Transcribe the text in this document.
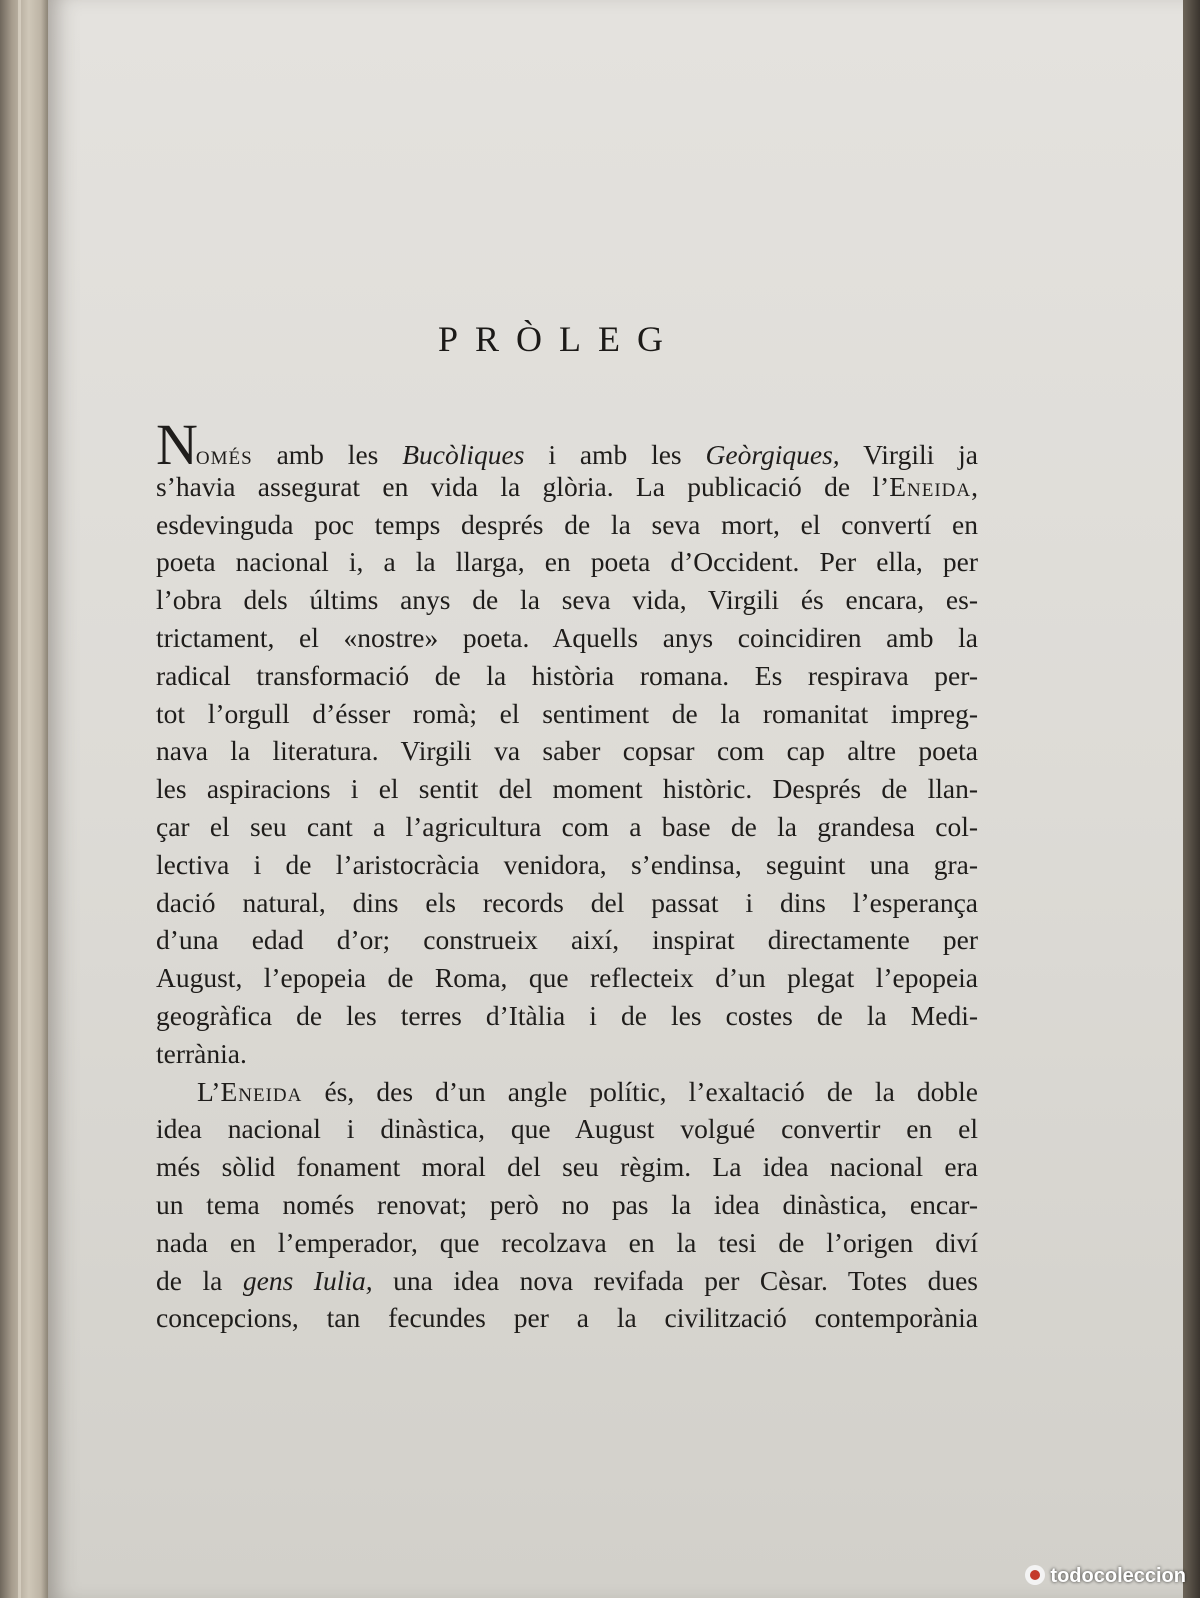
PRÒLEG
Només amb les Bucòliques i amb les Geòrgiques, Virgili ja
s’havia assegurat en vida la glòria. La publicació de l’Eneida,
esdevinguda poc temps després de la seva mort, el convertí en
poeta nacional i, a la llarga, en poeta d’Occident. Per ella, per
l’obra dels últims anys de la seva vida, Virgili és encara, es-
trictament, el «nostre» poeta. Aquells anys coincidiren amb la
radical transformació de la història romana. Es respirava per-
tot l’orgull d’ésser romà; el sentiment de la romanitat impreg-
nava la literatura. Virgili va saber copsar com cap altre poeta
les aspiracions i el sentit del moment històric. Després de llan-
çar el seu cant a l’agricultura com a base de la grandesa col-
lectiva i de l’aristocràcia venidora, s’endinsa, seguint una gra-
dació natural, dins els records del passat i dins l’esperança
d’una edad d’or; construeix així, inspirat directamente per
August, l’epopeia de Roma, que reflecteix d’un plegat l’epopeia
geogràfica de les terres d’Itàlia i de les costes de la Medi-
terrània.
L’Eneida és, des d’un angle polític, l’exaltació de la doble
idea nacional i dinàstica, que August volgué convertir en el
més sòlid fonament moral del seu règim. La idea nacional era
un tema només renovat; però no pas la idea dinàstica, encar-
nada en l’emperador, que recolzava en la tesi de l’origen diví
de la gens Iulia, una idea nova revifada per Cèsar. Totes dues
concepcions, tan fecundes per a la civilització contemporània
todocoleccion
